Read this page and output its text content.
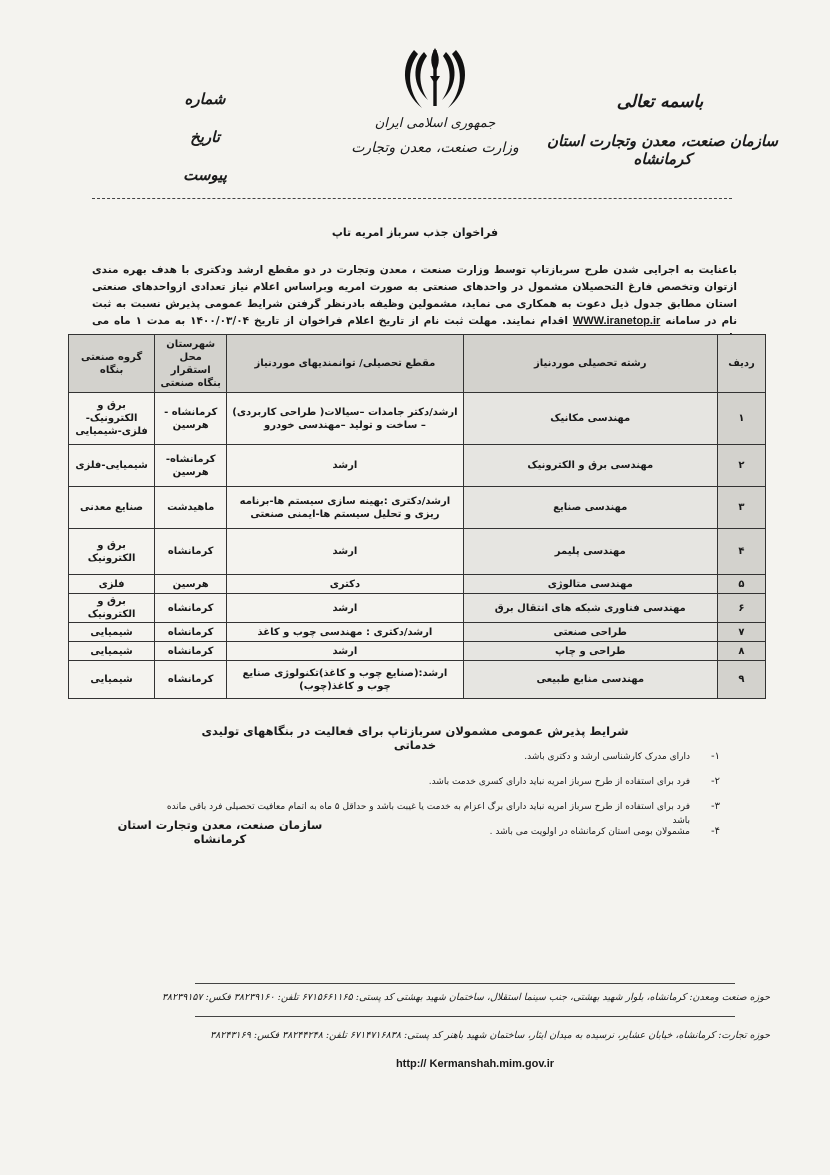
جمهوری اسلامی ایران
وزارت صنعت، معدن وتجارت
باسمه تعالی
سازمان صنعت، معدن وتجارت استان کرمانشاه
شماره
تاریخ
پیوست
فراخوان جذب سرباز امریه تاپ
باعنایت به اجرایی شدن طرح سربازتاپ توسط وزارت صنعت ، معدن وتجارت در دو مقطع ارشد ودکتری با هدف بهره مندی ازتوان وتخصص فارغ التحصیلان مشمول در واحدهای صنعتی به صورت امریه وبراساس اعلام نیاز تعدادی ازواحدهای صنعتی استان مطابق جدول ذیل دعوت به همکاری می نماید، مشمولین وظیفه بادرنظر گرفتن شرایط عمومی پذیرش نسبت به ثبت نام در سامانه WWW.iranetop.ir اقدام نمایند. مهلت ثبت نام از تاریخ اعلام فراخوان از تاریخ ۱۴۰۰/۰۳/۰۴ به مدت ۱ ماه می
ردیف	رشته تحصیلی موردنیاز	مقطع تحصیلی/ توانمندیهای موردنیاز	شهرستان محل استقرار بنگاه صنعتی	گروه صنعتی بنگاه
۱	مهندسی مکانیک	ارشد/دکتر جامدات –سیالات( طراحی کاربردی) – ساخت و تولید –مهندسی خودرو	کرمانشاه - هرسین	برق و الکترونیک- فلزی-شیمیایی
۲	مهندسی برق و الکترونیک	ارشد	کرمانشاه- هرسین	شیمیایی-فلزی
۳	مهندسی صنایع	ارشد/دکتری :بهینه سازی سیستم ها-برنامه ریزی و تحلیل سیستم ها-ایمنی صنعتی	ماهیدشت	صنایع معدنی
۴	مهندسی پلیمر	ارشد	کرمانشاه	برق و الکترونیک
۵	مهندسی متالوژی	دکتری	هرسین	فلزی
۶	مهندسی فناوری شبکه های انتقال برق	ارشد	کرمانشاه	برق و الکترونیک
۷	طراحی صنعتی	ارشد/دکتری : مهندسی چوب و کاغذ	کرمانشاه	شیمیایی
۸	طراحی و چاپ	ارشد	کرمانشاه	شیمیایی
۹	مهندسی منابع طبیعی	ارشد:(صنایع چوب و کاغذ)تکنولوژی صنایع چوب و کاغذ(چوب)	کرمانشاه	شیمیایی
شرایط پذیرش عمومی مشمولان سربازتاپ برای فعالیت در بنگاههای تولیدی خدماتی
۱-
دارای مدرک کارشناسی ارشد و دکتری باشد.
۲-
فرد برای استفاده از طرح سرباز امریه نباید دارای کسری خدمت باشد.
۳-
فرد برای استفاده از طرح سرباز امریه نباید دارای برگ اعزام به خدمت یا غیبت باشد و حداقل ۵ ماه به اتمام معافیت تحصیلی فرد باقی مانده باشد
۴-
مشمولان بومی استان کرمانشاه در اولویت می باشد .
سازمان صنعت، معدن وتجارت استان کرمانشاه
حوزه صنعت ومعدن: کرمانشاه، بلوار شهید بهشتی، جنب سینما استقلال، ساختمان شهید بهشتی کد پستی: ۶۷۱۵۶۶۱۱۶۵ تلفن: ۳۸۲۳۹۱۶۰ فکس: ۳۸۲۳۹۱۵۷
حوزه تجارت: کرمانشاه، خیابان عشایر، نرسیده به میدان ایثار، ساختمان شهید باهنر کد پستی: ۶۷۱۴۷۱۶۸۳۸ تلفن: ۳۸۲۴۴۲۴۸ فکس: ۳۸۲۴۳۱۶۹
http:// Kermanshah.mim.gov.ir
